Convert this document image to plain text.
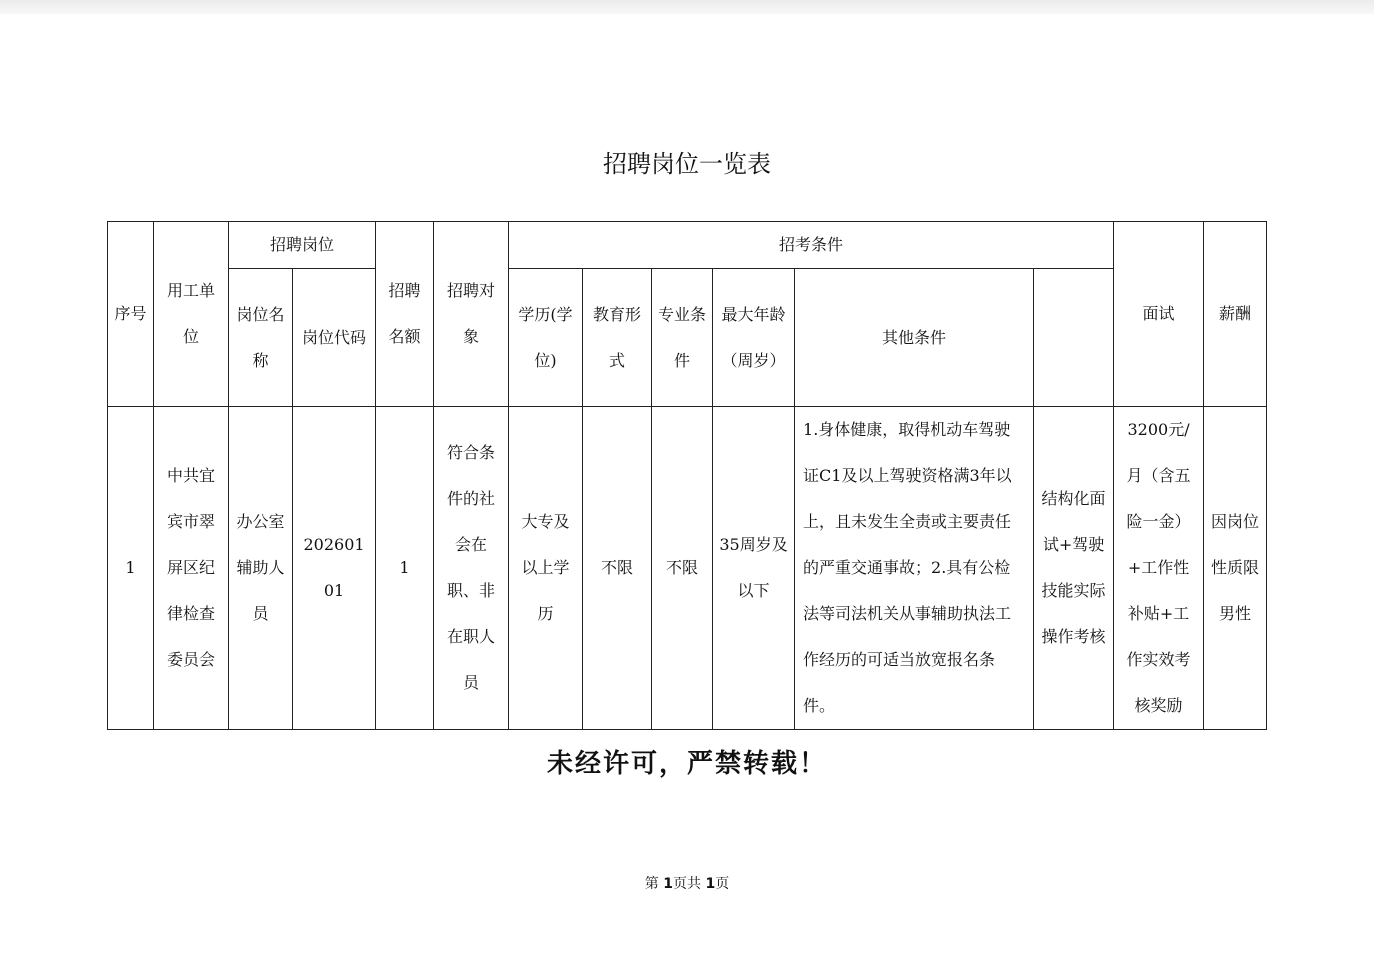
招聘岗位一览表
序号	用工单位	招聘岗位		招聘名额	招聘对象	招考条件						面试	薪酬	
		岗位名称	岗位代码			学历(学位)	教育形式	专业条件	最大年龄（周岁）	其他条件				
1	中共宜宾市翠屏区纪律检查委员会	办公室辅助人员	20260101	1	符合条件的社会在职、非在职人员	大专及以上学历	不限	不限	35周岁及以下	1.身体健康，取得机动车驾驶证C1及以上驾驶资格满3年以上，且未发生全责或主要责任的严重交通事故；2.具有公检法等司法机关从事辅助执法工作经历的可适当放宽报名条件。	结构化面试+驾驶技能实际操作考核	3200元/月（含五险一金）+工作性补贴+工作实效考核奖励	因岗位性质限男性	
未经许可，严禁转载！
第 1页共 1页
